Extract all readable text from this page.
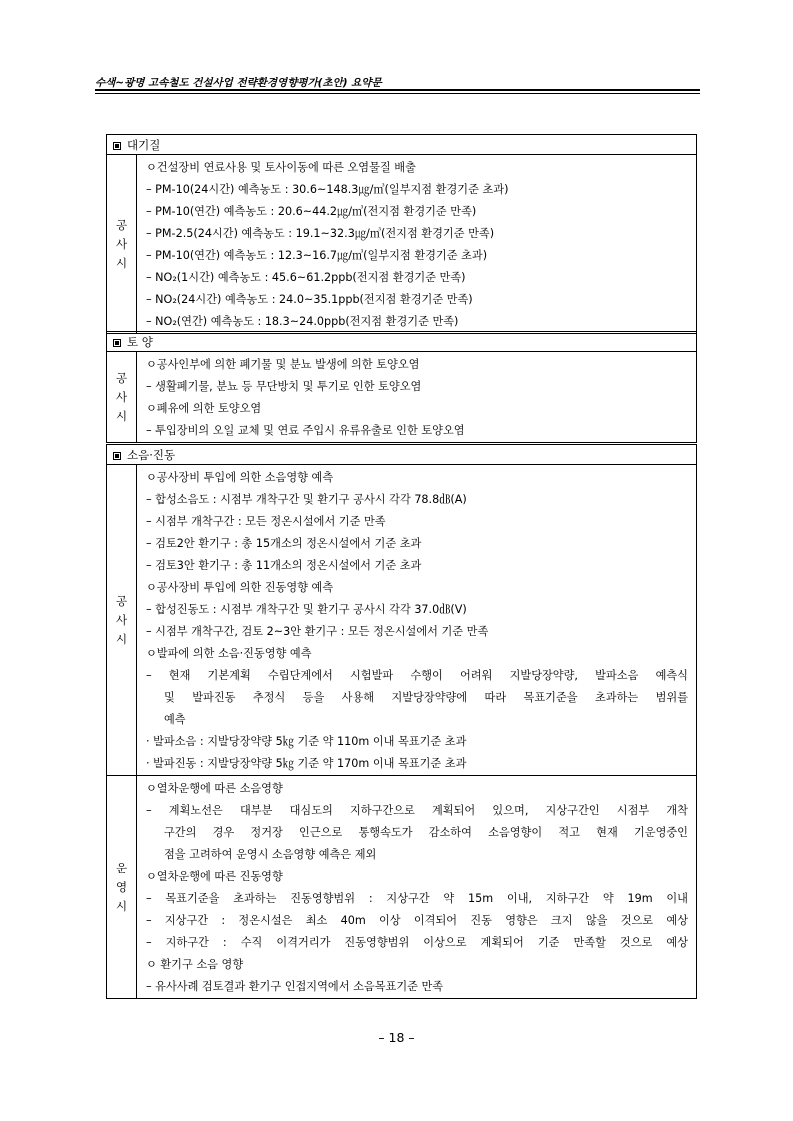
수색~광명 고속철도 건설사업 전략환경영향평가(초안) 요약문
대기질
공
사
시
ㅇ건설장비 연료사용 및 토사이동에 따른 오염물질 배출
– PM-10(24시간) 예측농도 : 30.6~148.3㎍/㎥(일부지점 환경기준 초과)
– PM-10(연간) 예측농도 : 20.6~44.2㎍/㎥(전지점 환경기준 만족)
– PM-2.5(24시간) 예측농도 : 19.1~32.3㎍/㎥(전지점 환경기준 만족)
– PM-10(연간) 예측농도 : 12.3~16.7㎍/㎥(일부지점 환경기준 초과)
– NO₂(1시간) 예측농도 : 45.6~61.2ppb(전지점 환경기준 만족)
– NO₂(24시간) 예측농도 : 24.0~35.1ppb(전지점 환경기준 만족)
– NO₂(연간) 예측농도 : 18.3~24.0ppb(전지점 환경기준 만족)
토 양
공
사
시
ㅇ공사인부에 의한 폐기물 및 분뇨 발생에 의한 토양오염
– 생활폐기물, 분뇨 등 무단방치 및 투기로 인한 토양오염
ㅇ폐유에 의한 토양오염
– 투입장비의 오일 교체 및 연료 주입시 유류유출로 인한 토양오염
소음·진동
공
사
시
ㅇ공사장비 투입에 의한 소음영향 예측
– 합성소음도 : 시점부 개착구간 및 환기구 공사시 각각 78.8㏈(A)
– 시점부 개착구간 : 모든 정온시설에서 기준 만족
– 검토2안 환기구 : 총 15개소의 정온시설에서 기준 초과
– 검토3안 환기구 : 총 11개소의 정온시설에서 기준 초과
ㅇ공사장비 투입에 의한 진동영향 예측
– 합성진동도 : 시점부 개착구간 및 환기구 공사시 각각 37.0㏈(V)
– 시점부 개착구간, 검토 2~3안 환기구 : 모든 정온시설에서 기준 만족
ㅇ발파에 의한 소음·진동영향 예측
– 현재 기본계획 수립단계에서 시험발파 수행이 어려워 지발당장약량, 발파소음 예측식
및 발파진동 추정식 등을 사용해 지발당장약량에 따라 목표기준을 초과하는 범위를
예측
· 발파소음 : 지발당장약량 5㎏ 기준 약 110m 이내 목표기준 초과
· 발파진동 : 지발당장약량 5㎏ 기준 약 170m 이내 목표기준 초과
운
영
시
ㅇ열차운행에 따른 소음영향
– 계획노선은 대부분 대심도의 지하구간으로 계획되어 있으며, 지상구간인 시점부 개착
구간의 경우 정거장 인근으로 통행속도가 감소하여 소음영향이 적고 현재 기운영중인
점을 고려하여 운영시 소음영향 예측은 제외
ㅇ열차운행에 따른 진동영향
– 목표기준을 초과하는 진동영향범위 : 지상구간 약 15m 이내, 지하구간 약 19m 이내
– 지상구간 : 정온시설은 최소 40m 이상 이격되어 진동 영향은 크지 않을 것으로 예상
– 지하구간 : 수직 이격거리가 진동영향범위 이상으로 계획되어 기준 만족할 것으로 예상
ㅇ 환기구 소음 영향
– 유사사례 검토결과 환기구 인접지역에서 소음목표기준 만족
– 18 –
